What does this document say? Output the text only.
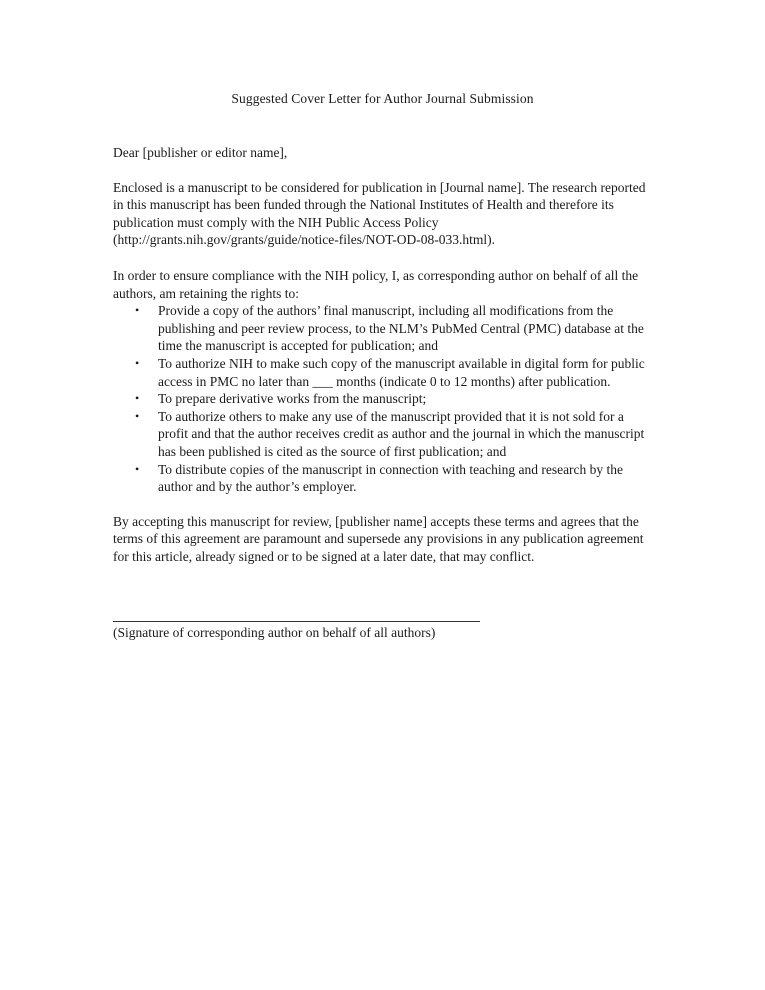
Suggested Cover Letter for Author Journal Submission

Dear [publisher or editor name],

Enclosed is a manuscript to be considered for publication in [Journal name]. The research reported in this manuscript has been funded through the National Institutes of Health and therefore its publication must comply with the NIH Public Access Policy (http://grants.nih.gov/grants/guide/notice-files/NOT-OD-08-033.html).

In order to ensure compliance with the NIH policy, I, as corresponding author on behalf of all the authors, am retaining the rights to:

• Provide a copy of the authors’ final manuscript, including all modifications from the publishing and peer review process, to the NLM’s PubMed Central (PMC) database at the time the manuscript is accepted for publication; and
• To authorize NIH to make such copy of the manuscript available in digital form for public access in PMC no later than ___ months (indicate 0 to 12 months) after publication.
• To prepare derivative works from the manuscript;
• To authorize others to make any use of the manuscript provided that it is not sold for a profit and that the author receives credit as author and the journal in which the manuscript has been published is cited as the source of first publication; and
• To distribute copies of the manuscript in connection with teaching and research by the author and by the author’s employer.

By accepting this manuscript for review, [publisher name] accepts these terms and agrees that the terms of this agreement are paramount and supersede any provisions in any publication agreement for this article, already signed or to be signed at a later date, that may conflict.

(Signature of corresponding author on behalf of all authors)
